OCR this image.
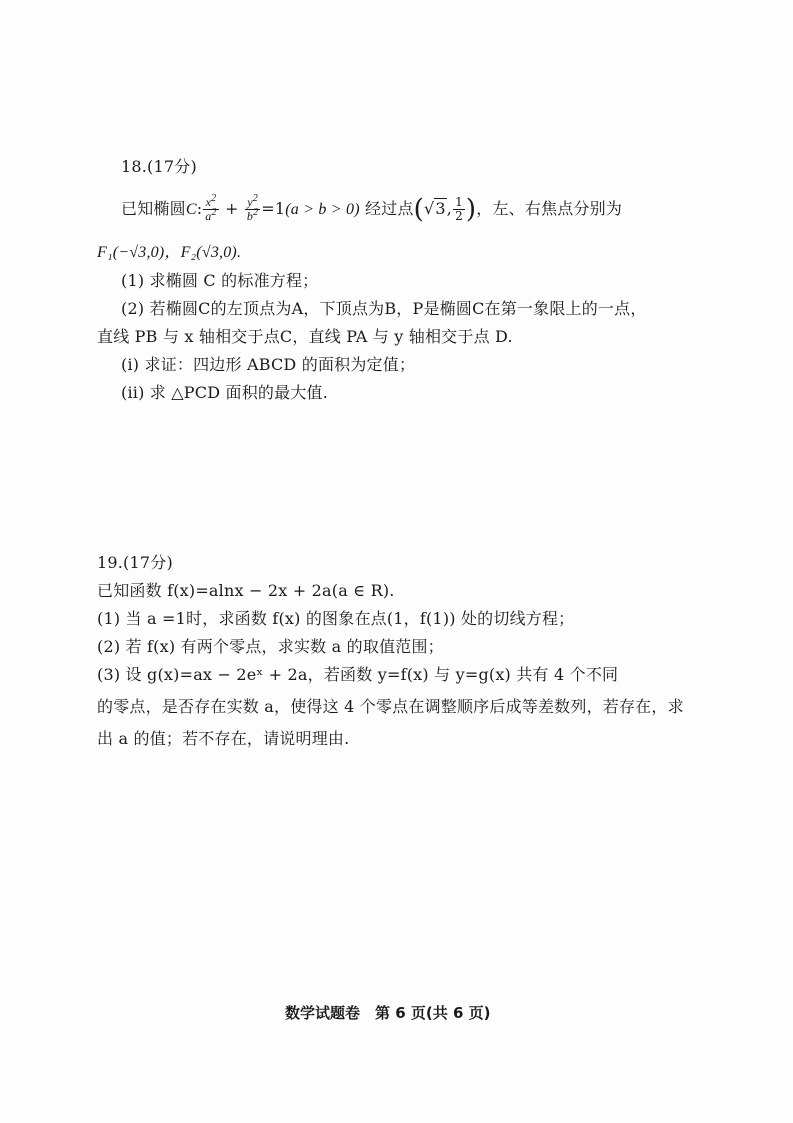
18.(17分)
已知椭圆C: $\frac{x^2}{a^2} + \frac{y^2}{b^2} =1(a > b > 0)$ 经过点(√3, $\frac{1}{2}$ )，左、右焦点分别为
F₁(−√3,0)，F₂(√3,0).
(1) 求椭圆 C 的标准方程；
(2) 若椭圆C的左顶点为A，下顶点为B，P是椭圆C在第一象限上的一点，
直线 PB 与 x 轴相交于点C，直线 PA 与 y 轴相交于点 D.
(i) 求证：四边形 ABCD 的面积为定值；
(ii) 求 △PCD 面积的最大值.
19.(17分)
已知函数 f(x)=alnx − 2x + 2a(a ∈ R).
(1) 当 a =1时，求函数 f(x) 的图象在点(1，f(1)) 处的切线方程；
(2) 若 f(x) 有两个零点，求实数 a 的取值范围；
(3) 设 g(x)=ax − 2eˣ + 2a，若函数 y=f(x) 与 y=g(x) 共有 4 个不同
的零点，是否存在实数 a，使得这 4 个零点在调整顺序后成等差数列，若存在，求
出 a 的值；若不存在，请说明理由.
数学试题卷　第 6 页(共 6 页)
